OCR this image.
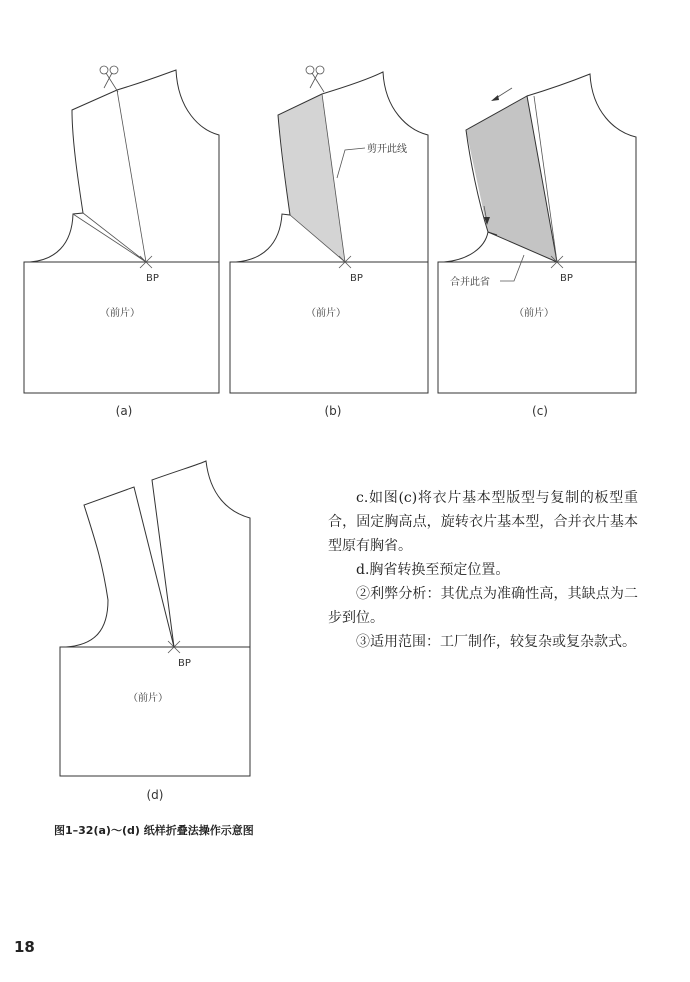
BP
（前片）
剪开此线
BP
（前片）
合并此省	BP
（前片）
(a)	(b)	(c)
BP
（前片）
(d)

c.如图(c)将衣片基本型版型与复制的板型重合，固定胸高点，旋转衣片基本型，合并衣片基本型原有胸省。

d.胸省转换至预定位置。

②利弊分析：其优点为准确性高，其缺点为二步到位。

③适用范围：工厂制作，较复杂或复杂款式。

图1–32(a)～(d) 纸样折叠法操作示意图
18
